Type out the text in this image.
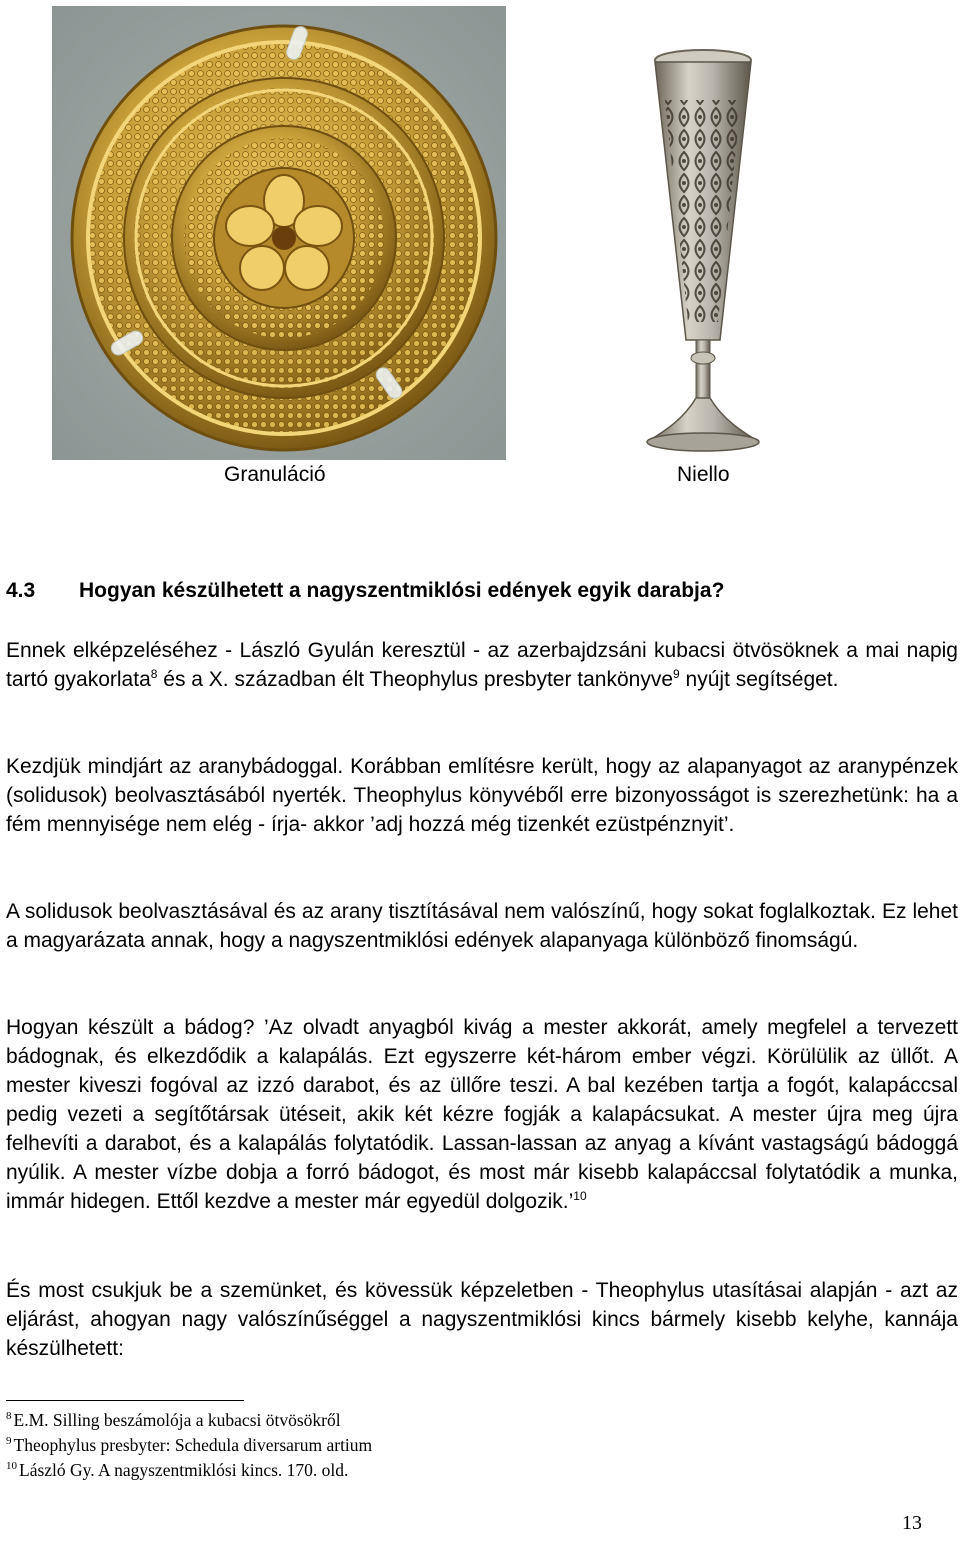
Granuláció	Niello
4.3 Hogyan készülhetett a nagyszentmiklósi edények egyik darabja?
Ennek elképzeléséhez - László Gyulán keresztül - az azerbajdzsáni kubacsi ötvösöknek a mai napig tartó gyakorlata$^8$ és a X. században élt Theophylus presbyter tankönyve$^9$ nyújt segítséget.
Kezdjük mindjárt az aranybádoggal. Korábban említésre került, hogy az alapanyagot az aranypénzek (solidusok) beolvasztásából nyerték. Theophylus könyvéből erre bizonyosságot is szerezhetünk: ha a fém mennyisége nem elég - írja- akkor ’adj hozzá még tizenkét ezüstpénznyit’.
A solidusok beolvasztásával és az arany tisztításával nem valószínű, hogy sokat foglalkoztak. Ez lehet a magyarázata annak, hogy a nagyszentmiklósi edények alapanyaga különböző finomságú.
Hogyan készült a bádog? ’Az olvadt anyagból kivág a mester akkorát, amely megfelel a tervezett bádognak, és elkezdődik a kalapálás. Ezt egyszerre két-három ember végzi. Körülülik az üllőt. A mester kiveszi fogóval az izzó darabot, és az üllőre teszi. A bal kezében tartja a fogót, kalapáccsal pedig vezeti a segítőtársak ütéseit, akik két kézre fogják a kalapácsukat. A mester újra meg újra felhevíti a darabot, és a kalapálás folytatódik. Lassan-lassan az anyag a kívánt vastagságú bádoggá nyúlik. A mester vízbe dobja a forró bádogot, és most már kisebb kalapáccsal folytatódik a munka, immár hidegen. Ettől kezdve a mester már egyedül dolgozik.’$^{10}$
És most csukjuk be a szemünket, és kövessük képzeletben - Theophylus utasításai alapján - azt az eljárást, ahogyan nagy valószínűséggel a nagyszentmiklósi kincs bármely kisebb kelyhe, kannája készülhetett:
$^8$ E.M. Silling beszámolója a kubacsi ötvösökről
$^9$ Theophylus presbyter: Schedula diversarum artium
$^{10}$ László Gy. A nagyszentmiklósi kincs. 170. old.
13
